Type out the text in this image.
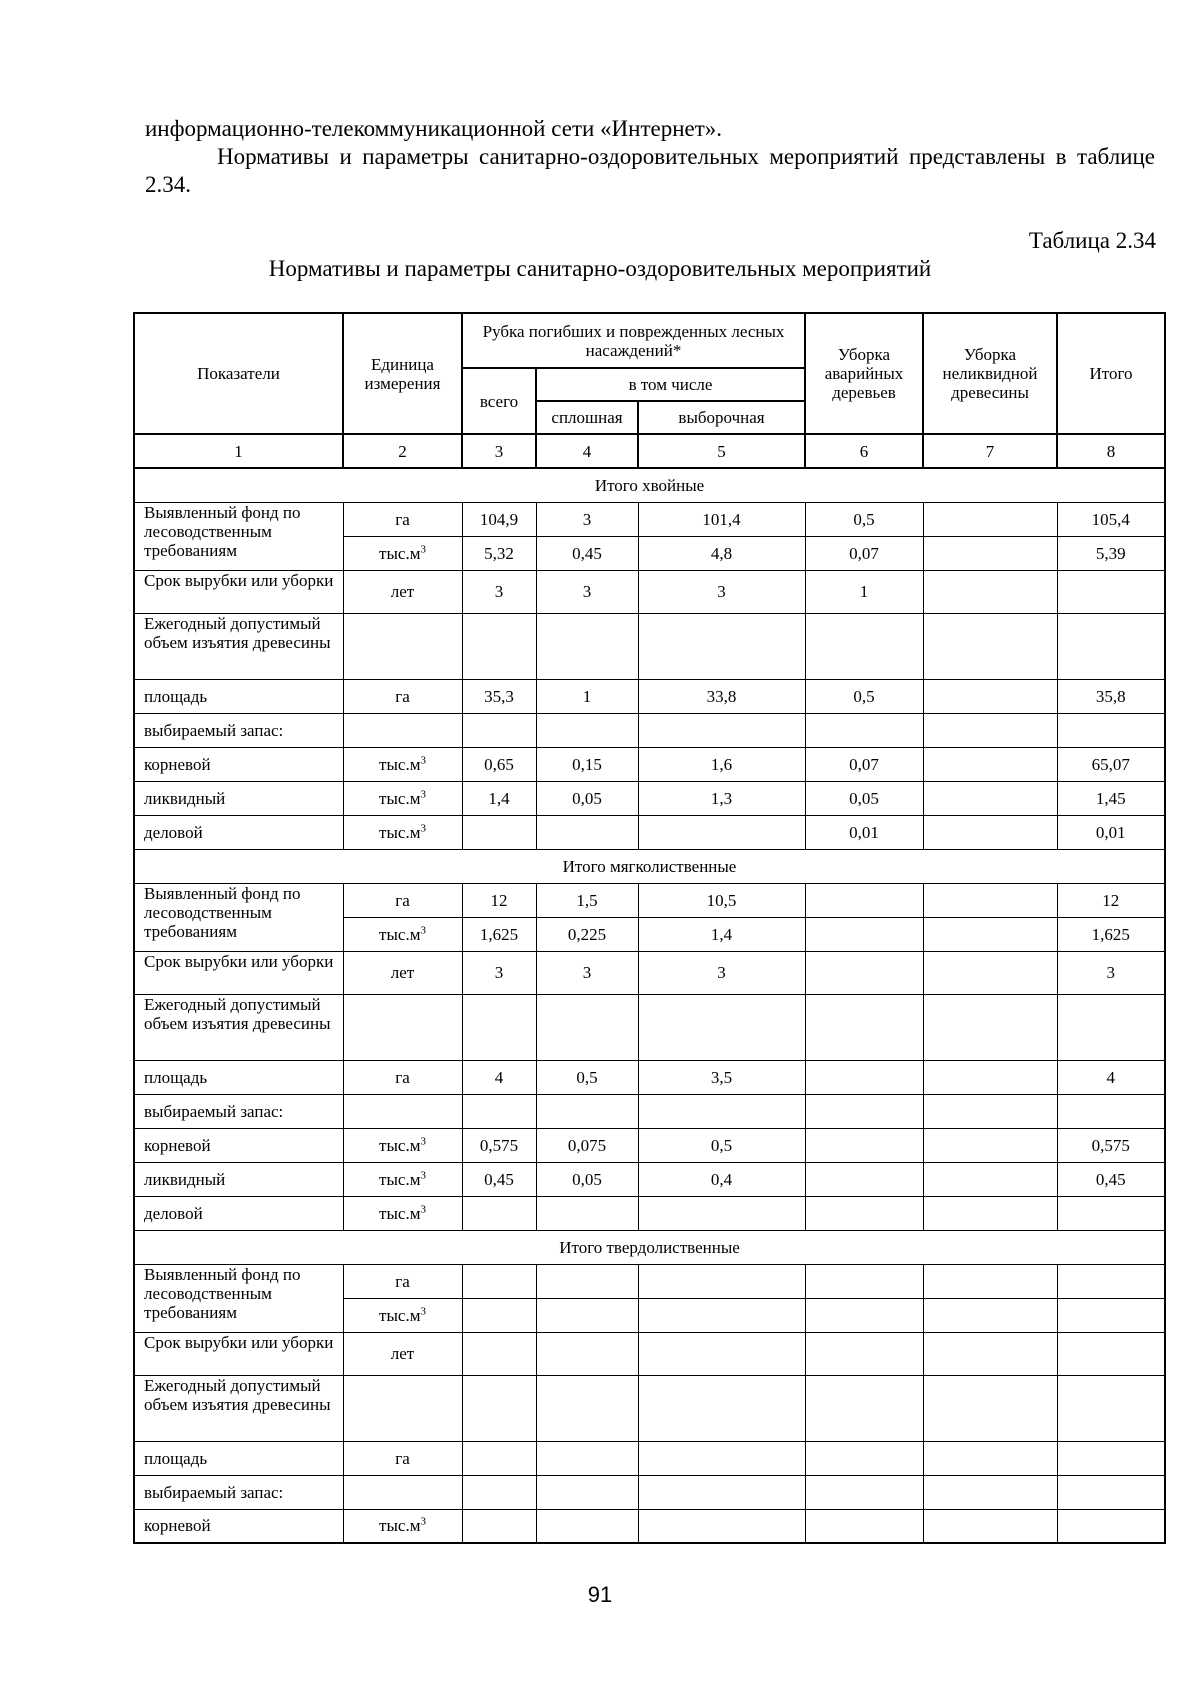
информационно-телекоммуникационной сети «Интернет».
Нормативы и параметры санитарно-оздоровительных мероприятий представлены в таблице 2.34.
Таблица 2.34
Нормативы и параметры санитарно-оздоровительных мероприятий
Показатели	Единица измерения	Рубка погибших и поврежденных лесных насаждений*			Уборка аварийных деревьев	Уборка неликвидной древесины	Итого
		всего	в том числе				
			сплошная	выборочная			
1	2	3	4	5	6	7	8
Итого хвойные							
Выявленный фонд по лесоводственным требованиям	га	104,9	3	101,4	0,5		105,4
	$тыс.м^3$	5,32	0,45	4,8	0,07		5,39
Срок вырубки или уборки	лет	3	3	3	1		
Ежегодный допустимый объем изъятия древесины							
площадь	га	35,3	1	33,8	0,5		35,8
выбираемый запас:							
корневой	$тыс.м^3$	0,65	0,15	1,6	0,07		65,07
ликвидный	$тыс.м^3$	1,4	0,05	1,3	0,05		1,45
деловой	$тыс.м^3$				0,01		0,01
Итого мягколиственные							
Выявленный фонд по лесоводственным требованиям	га	12	1,5	10,5			12
	$тыс.м^3$	1,625	0,225	1,4			1,625
Срок вырубки или уборки	лет	3	3	3			3
Ежегодный допустимый объем изъятия древесины							
площадь	га	4	0,5	3,5			4
выбираемый запас:							
корневой	$тыс.м^3$	0,575	0,075	0,5			0,575
ликвидный	$тыс.м^3$	0,45	0,05	0,4			0,45
деловой	$тыс.м^3$						
Итого твердолиственные							
Выявленный фонд по лесоводственным требованиям	га						
	$тыс.м^3$						
Срок вырубки или уборки	лет						
Ежегодный допустимый объем изъятия древесины							
площадь	га						
выбираемый запас:							
корневой	$тыс.м^3$						
91
